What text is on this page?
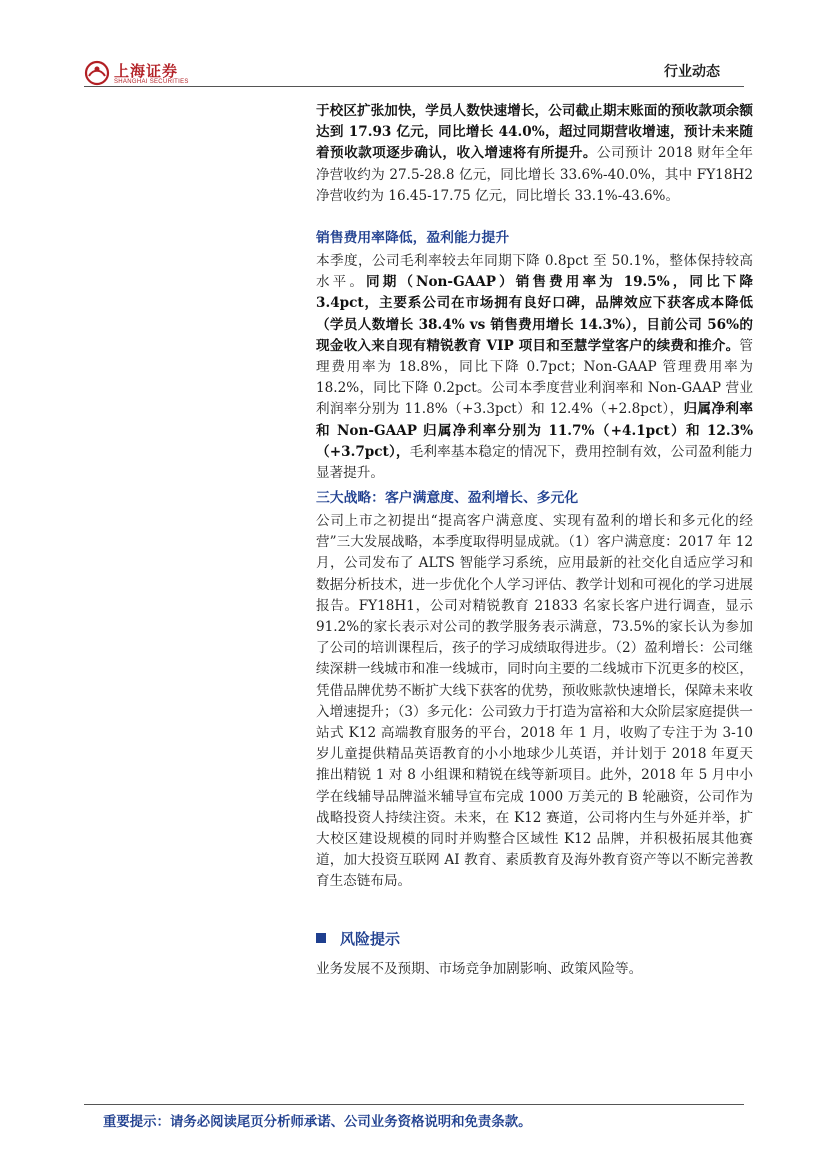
上海证券
SHANGHAI SECURITIES
行业动态

于校区扩张加快，学员人数快速增长，公司截止期末账面的预收款项余额达到 17.93 亿元，同比增长 44.0%，超过同期营收增速，预计未来随着预收款项逐步确认，收入增速将有所提升。公司预计 2018 财年全年净营收约为 27.5-28.8 亿元，同比增长 33.6%-40.0%，其中 FY18H2 净营收约为 16.45-17.75 亿元，同比增长 33.1%-43.6%。

销售费用率降低，盈利能力提升

本季度，公司毛利率较去年同期下降 0.8pct 至 50.1%，整体保持较高水平。同期（Non-GAAP）销售费用率为 19.5%，同比下降 3.4pct，主要系公司在市场拥有良好口碑，品牌效应下获客成本降低（学员人数增长 38.4% vs 销售费用增长 14.3%），目前公司 56%的现金收入来自现有精锐教育 VIP 项目和至慧学堂客户的续费和推介。管理费用率为 18.8%，同比下降 0.7pct；Non-GAAP 管理费用率为 18.2%，同比下降 0.2pct。公司本季度营业利润率和 Non-GAAP 营业利润率分别为 11.8%（+3.3pct）和 12.4%（+2.8pct），归属净利率和 Non-GAAP 归属净利率分别为 11.7%（+4.1pct）和 12.3%（+3.7pct），毛利率基本稳定的情况下，费用控制有效，公司盈利能力显著提升。

三大战略：客户满意度、盈利增长、多元化

公司上市之初提出“提高客户满意度、实现有盈利的增长和多元化的经营”三大发展战略，本季度取得明显成就。（1）客户满意度：2017 年 12 月，公司发布了 ALTS 智能学习系统，应用最新的社交化自适应学习和数据分析技术，进一步优化个人学习评估、教学计划和可视化的学习进展报告。FY18H1，公司对精锐教育 21833 名家长客户进行调查，显示 91.2%的家长表示对公司的教学服务表示满意，73.5%的家长认为参加了公司的培训课程后，孩子的学习成绩取得进步。（2）盈利增长：公司继续深耕一线城市和准一线城市，同时向主要的二线城市下沉更多的校区，凭借品牌优势不断扩大线下获客的优势，预收账款快速增长，保障未来收入增速提升；（3）多元化：公司致力于打造为富裕和大众阶层家庭提供一站式 K12 高端教育服务的平台，2018 年 1 月，收购了专注于为 3-10 岁儿童提供精品英语教育的小小地球少儿英语，并计划于 2018 年夏天推出精锐 1 对 8 小组课和精锐在线等新项目。此外，2018 年 5 月中小学在线辅导品牌溢米辅导宣布完成 1000 万美元的 B 轮融资，公司作为战略投资人持续注资。未来，在 K12 赛道，公司将内生与外延并举，扩大校区建设规模的同时并购整合区域性 K12 品牌，并积极拓展其他赛道，加大投资互联网 AI 教育、素质教育及海外教育资产等以不断完善教育生态链布局。

风险提示
业务发展不及预期、市场竞争加剧影响、政策风险等。
重要提示：请务必阅读尾页分析师承诺、公司业务资格说明和免责条款。
